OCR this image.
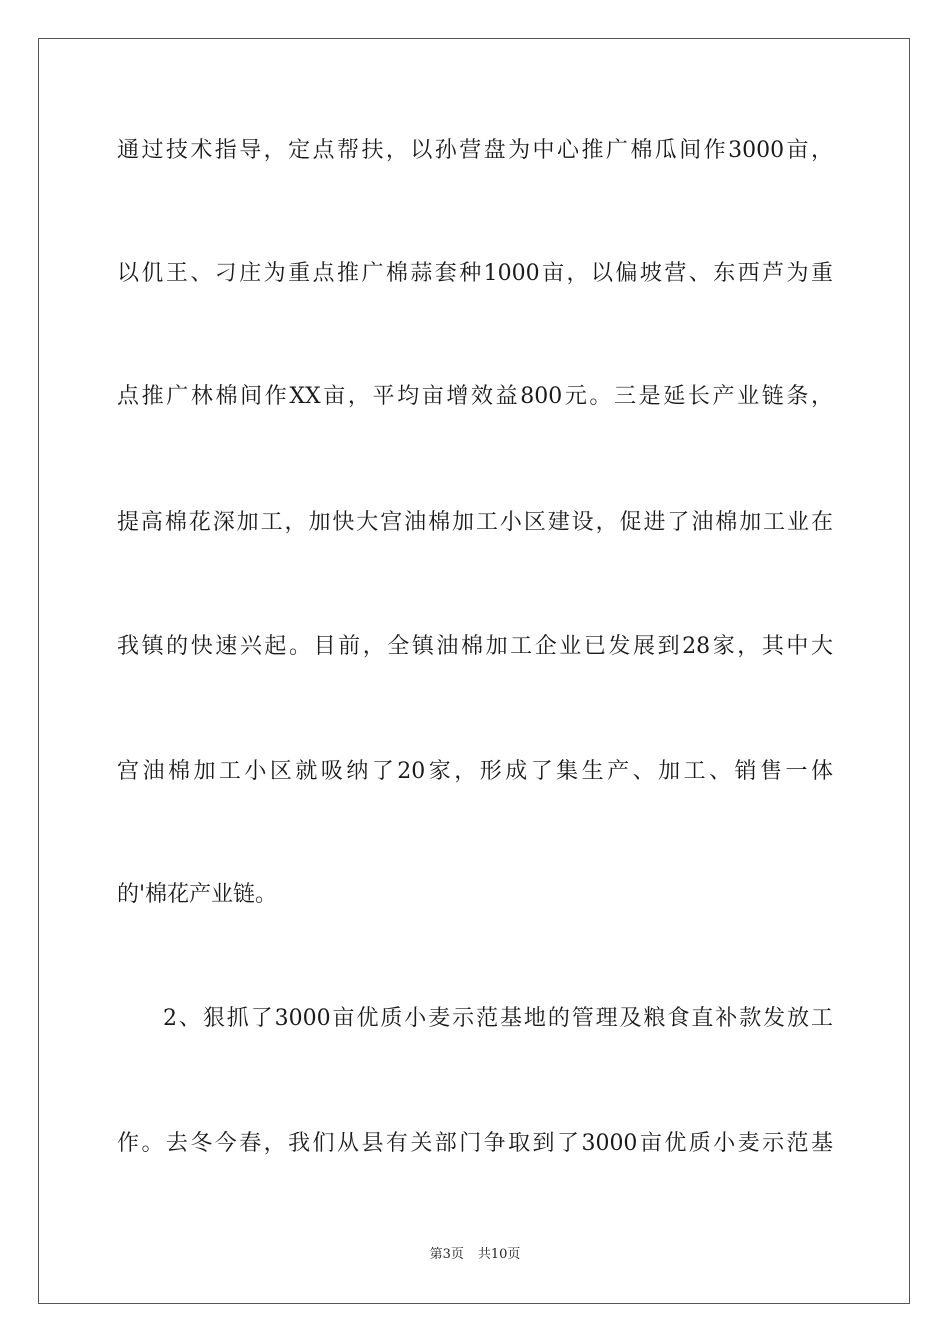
通过技术指导，定点帮扶，以孙营盘为中心推广棉瓜间作3000亩，
以仉王、刁庄为重点推广棉蒜套种1000亩，以偏坡营、东西芦为重
点推广林棉间作XX亩，平均亩增效益800元。三是延长产业链条，
提高棉花深加工，加快大宫油棉加工小区建设，促进了油棉加工业在
我镇的快速兴起。目前，全镇油棉加工企业已发展到28家，其中大
宫油棉加工小区就吸纳了20家，形成了集生产、加工、销售一体
的'棉花产业链。
2、狠抓了3000亩优质小麦示范基地的管理及粮食直补款发放工
作。去冬今春，我们从县有关部门争取到了3000亩优质小麦示范基
第3页 共10页
